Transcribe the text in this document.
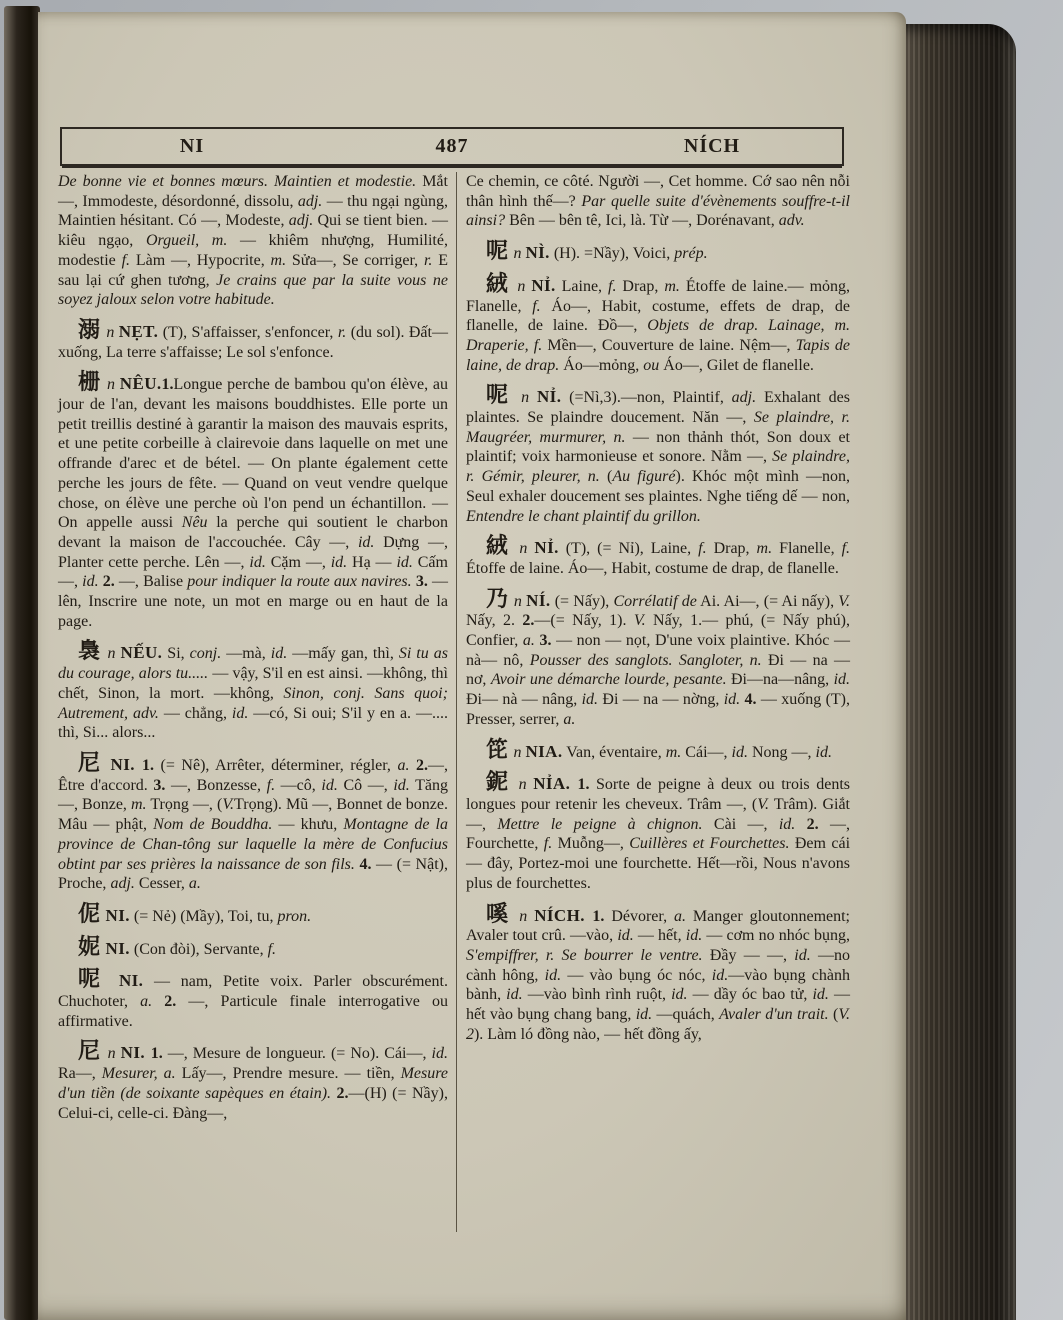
NI	487	NÍCH

De bonne vie et bonnes mœurs. Maintien et modestie. Mắt —, Immodeste, désordonné, dissolu, adj. — thu ngại ngùng, Maintien hésitant. Có —, Modeste, adj. Qui se tient bien. — kiêu ngạo, Orgueil, m. — khiêm nhượng, Humilité, modestie f. Làm —, Hypocrite, m. Sửa—, Se corriger, r. E sau lại cứ ghen tương, Je crains que par la suite vous ne soyez jaloux selon votre habitude.

溺 n NẸT. (T), S'affaisser, s'enfoncer, r. (du sol). Đất—xuống, La terre s'affaisse; Le sol s'enfonce.

栅 n NÊU.1.Longue perche de bambou qu'on élève, au jour de l'an, devant les maisons bouddhistes. Elle porte un petit treillis destiné à garantir la maison des mauvais esprits, et une petite corbeille à clairevoie dans laquelle on met une offrande d'arec et de bétel. — On plante également cette perche les jours de fête. — Quand on veut vendre quelque chose, on élève une perche où l'on pend un échantillon. — On appelle aussi Nêu la perche qui soutient le charbon devant la maison de l'accouchée. Cây —, id. Dựng —, Planter cette perche. Lên —, id. Cặm —, id. Hạ — id. Cấm —, id. 2. —, Balise pour indiquer la route aux navires. 3. — lên, Inscrire une note, un mot en marge ou en haut de la page.

裊 n NẾU. Si, conj. —mà, id. —mấy gan, thì, Si tu as du courage, alors tu..... — vậy, S'il en est ainsi. —không, thì chết, Sinon, la mort. —không, Sinon, conj. Sans quoi; Autrement, adv. — chẳng, id. —có, Si oui; S'il y en a. —.... thì, Si... alors...

尼 NI. 1. (= Nê), Arrêter, déterminer, régler, a. 2.—, Être d'accord. 3. —, Bonzesse, f. —cô, id. Cô —, id. Tăng —, Bonze, m. Trọng —, (V.Trọng). Mũ —, Bonnet de bonze. Mâu — phật, Nom de Bouddha. — khưu, Montagne de la province de Chan-tông sur laquelle la mère de Confucius obtint par ses prières la naissance de son fils. 4. — (= Nật), Proche, adj. Cesser, a.

伲 NI. (= Nẻ) (Mầy), Toi, tu, pron.

妮 NI. (Con đòi), Servante, f.

呢 NI. — nam, Petite voix. Parler obscurément. Chuchoter, a. 2. —, Particule finale interrogative ou affirmative.

尼 n NI. 1. —, Mesure de longueur. (= No). Cái—, id. Ra—, Mesurer, a. Lấy—, Prendre mesure. — tiền, Mesure d'un tiền (de soixante sapèques en étain). 2.—(H) (= Nầy), Celui-ci, celle-ci. Đàng—,

Ce chemin, ce côté. Người —, Cet homme. Cớ sao nên nỗi thân hình thế—? Par quelle suite d'évènements souffre-t-il ainsi? Bên — bên tê, Ici, là. Từ —, Dorénavant, adv.

呢 n NÌ. (H). =Nầy), Voici, prép.

絨 n NỈ. Laine, f. Drap, m. Étoffe de laine.— mỏng, Flanelle, f. Áo—, Habit, costume, effets de drap, de flanelle, de laine. Đồ—, Objets de drap. Lainage, m. Draperie, f. Mền—, Couverture de laine. Nệm—, Tapis de laine, de drap. Áo—mỏng, ou Áo—, Gilet de flanelle.

呢 n NỈ. (=Nì,3).—non, Plaintif, adj. Exhalant des plaintes. Se plaindre doucement. Năn —, Se plaindre, r. Maugréer, murmurer, n. — non thảnh thót, Son doux et plaintif; voix harmonieuse et sonore. Nằm —, Se plaindre, r. Gémir, pleurer, n. (Au figuré). Khóc một mình —non, Seul exhaler doucement ses plaintes. Nghe tiếng dế — non, Entendre le chant plaintif du grillon.

絨 n NỈ. (T), (= Nỉ), Laine, f. Drap, m. Flanelle, f. Étoffe de laine. Áo—, Habit, costume de drap, de flanelle.

乃 n NÍ. (= Nấy), Corrélatif de Ai. Ai—, (= Ai nấy), V. Nấy, 2. 2.—(= Nấy, 1). V. Nấy, 1.— phú, (= Nấy phú), Confier, a. 3. — non — nọt, D'une voix plaintive. Khóc —nà— nô, Pousser des sanglots. Sangloter, n. Đi — na — nơ, Avoir une démarche lourde, pesante. Đi—na—nâng, id. Đi— nà — nâng, id. Đi — na — nờng, id. 4. — xuống (T), Presser, serrer, a.

笓 n NIA. Van, éventaire, m. Cái—, id. Nong —, id.

鈮 n NỈA. 1. Sorte de peigne à deux ou trois dents longues pour retenir les cheveux. Trâm —, (V. Trâm). Giắt —, Mettre le peigne à chignon. Cài —, id. 2. —, Fourchette, f. Muỗng—, Cuillères et Fourchettes. Đem cái — đây, Portez-moi une fourchette. Hết—rồi, Nous n'avons plus de fourchettes.

嗘 n NÍCH. 1. Dévorer, a. Manger gloutonnement; Avaler tout crû. —vào, id. — hết, id. — cơm no nhóc bụng, S'empiffrer, r. Se bourrer le ventre. Đầy — —, id. —no cành hông, id. — vào bụng óc nóc, id.—vào bụng chành bành, id. —vào bình rình ruột, id. — dầy óc bao tử, id. — hết vào bụng chang bang, id. —quách, Avaler d'un trait. (V. 2). Làm ló đồng nào, — hết đồng ấy,
